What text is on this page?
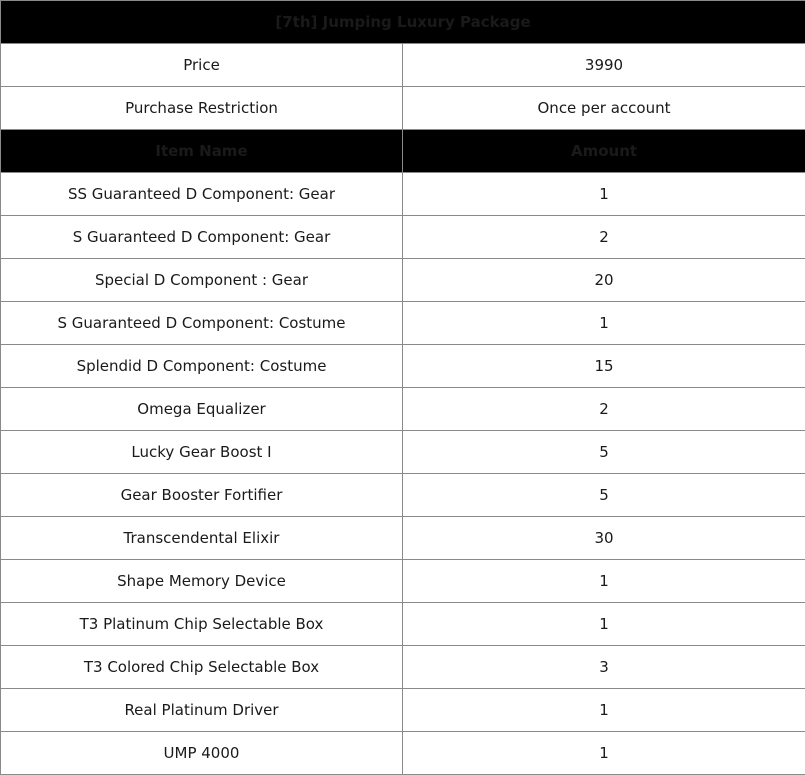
[7th] Jumping Luxury Package	
Price	3990
Purchase Restriction	Once per account
Item Name	Amount
SS Guaranteed D Component: Gear	1
S Guaranteed D Component: Gear	2
Special D Component : Gear	20
S Guaranteed D Component: Costume	1
Splendid D Component: Costume	15
Omega Equalizer	2
Lucky Gear Boost I	5
Gear Booster Fortifier	5
Transcendental Elixir	30
Shape Memory Device	1
T3 Platinum Chip Selectable Box	1
T3 Colored Chip Selectable Box	3
Real Platinum Driver	1
UMP 4000	1
